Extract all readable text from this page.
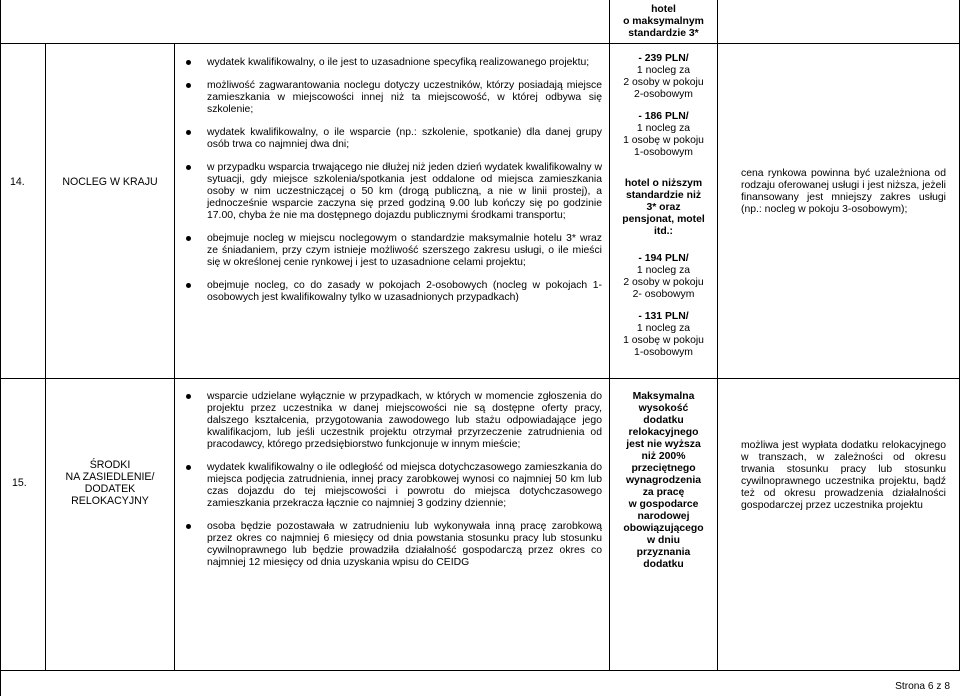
hotel
o maksymalnym
standardzie 3*
14.	NOCLEG W KRAJU
wydatek kwalifikowalny, o ile jest to uzasadnione specyfiką realizowanego projektu;
możliwość zagwarantowania noclegu dotyczy uczestników, którzy posiadają miejsce zamieszkania w miejscowości innej niż ta miejscowość, w której odbywa się szkolenie;
wydatek kwalifikowalny, o ile wsparcie (np.: szkolenie, spotkanie) dla danej grupy osób trwa co najmniej dwa dni;
w przypadku wsparcia trwającego nie dłużej niż jeden dzień wydatek kwalifikowalny w sytuacji, gdy miejsce szkolenia/spotkania jest oddalone od miejsca zamieszkania osoby w nim uczestniczącej o 50 km (drogą publiczną, a nie w linii prostej), a jednocześnie wsparcie zaczyna się przed godziną 9.00 lub kończy się po godzinie 17.00, chyba że nie ma dostępnego dojazdu publicznymi środkami transportu;
obejmuje nocleg w miejscu noclegowym o standardzie maksymalnie hotelu 3* wraz ze śniadaniem, przy czym istnieje możliwość szerszego zakresu usługi, o ile mieści się w określonej cenie rynkowej i jest to uzasadnione celami projektu;
obejmuje nocleg, co do zasady w pokojach 2-osobowych (nocleg w pokojach 1-osobowych jest kwalifikowalny tylko w uzasadnionych przypadkach)
- 239 PLN/
1 nocleg za
2 osoby w pokoju
2-osobowym
- 186 PLN/
1 nocleg za
1 osobę w pokoju
1-osobowym
hotel o niższym
standardzie niż
3* oraz
pensjonat, motel
itd.:
- 194 PLN/
1 nocleg za
2 osoby w pokoju
2- osobowym
- 131 PLN/
1 nocleg za
1 osobę w pokoju
1-osobowym
cena rynkowa powinna być uzależniona od rodzaju oferowanej usługi i jest niższa, jeżeli finansowany jest mniejszy zakres usługi (np.: nocleg w pokoju 3-osobowym);
15.
ŚRODKI
NA ZASIEDLENIE/
DODATEK
RELOKACYJNY
wsparcie udzielane wyłącznie w przypadkach, w których w momencie zgłoszenia do projektu przez uczestnika w danej miejscowości nie są dostępne oferty pracy, dalszego kształcenia, przygotowania zawodowego lub stażu odpowiadające jego kwalifikacjom, lub jeśli uczestnik projektu otrzymał przyrzeczenie zatrudnienia od pracodawcy, którego przedsiębiorstwo funkcjonuje w innym mieście;
wydatek kwalifikowalny o ile odległość od miejsca dotychczasowego zamieszkania do miejsca podjęcia zatrudnienia, innej pracy zarobkowej wynosi co najmniej 50 km lub czas dojazdu do tej miejscowości i powrotu do miejsca dotychczasowego zamieszkania przekracza łącznie co najmniej 3 godziny dziennie;
osoba będzie pozostawała w zatrudnieniu lub wykonywała inną pracę zarobkową przez okres co najmniej 6 miesięcy od dnia powstania stosunku pracy lub stosunku cywilnoprawnego lub będzie prowadziła działalność gospodarczą przez okres co najmniej 12 miesięcy od dnia uzyskania wpisu do CEIDG
Maksymalna
wysokość
dodatku
relokacyjnego
jest nie wyższa
niż 200%
przeciętnego
wynagrodzenia
za pracę
w gospodarce
narodowej
obowiązującego
w dniu
przyznania
dodatku
możliwa jest wypłata dodatku relokacyjnego w transzach, w zależności od okresu trwania stosunku pracy lub stosunku cywilnoprawnego uczestnika projektu, bądź też od okresu prowadzenia działalności gospodarczej przez uczestnika projektu
Strona 6 z 8
